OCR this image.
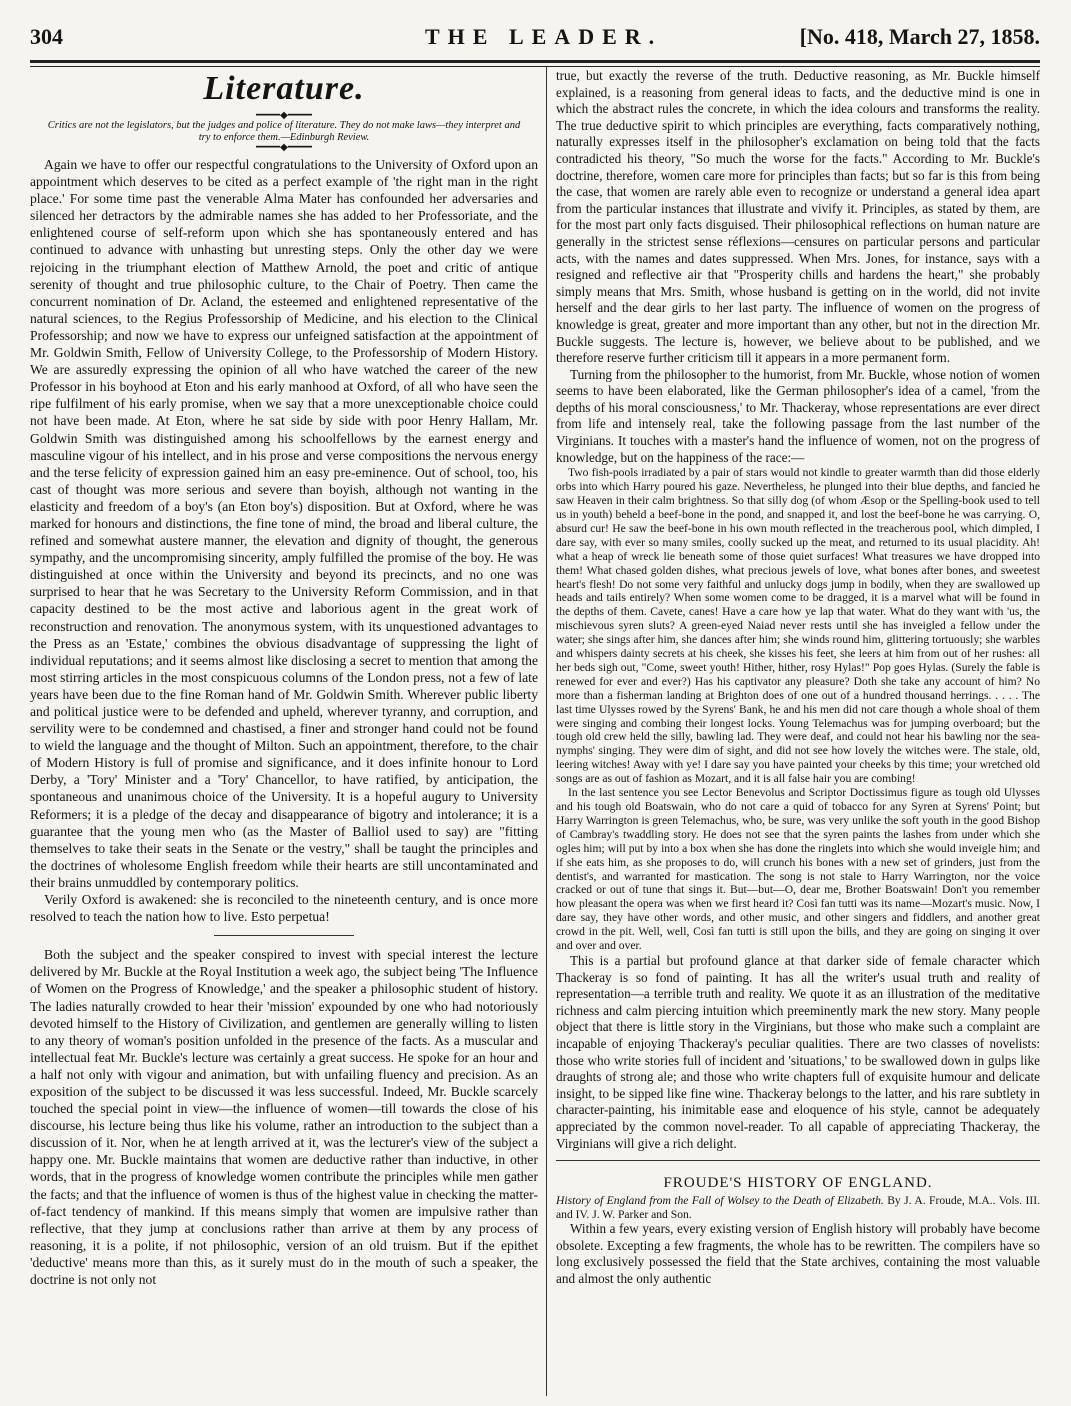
304	THE LEADER.	[No. 418, March 27, 1858.
Literature.
━━━━◆━━━━

Critics are not the legislators, but the judges and police of literature. They do not make laws—they interpret and try to enforce them.—Edinburgh Review.

━━━━◆━━━━

Again we have to offer our respectful congratulations to the University of Oxford upon an appointment which deserves to be cited as a perfect example of 'the right man in the right place.' For some time past the venerable Alma Mater has confounded her adversaries and silenced her detractors by the admirable names she has added to her Professoriate, and the enlightened course of self-reform upon which she has spontaneously entered and has continued to advance with unhasting but unresting steps. Only the other day we were rejoicing in the triumphant election of Matthew Arnold, the poet and critic of antique serenity of thought and true philosophic culture, to the Chair of Poetry. Then came the concurrent nomination of Dr. Acland, the esteemed and enlightened representative of the natural sciences, to the Regius Professorship of Medicine, and his election to the Clinical Professorship; and now we have to express our unfeigned satisfaction at the appointment of Mr. Goldwin Smith, Fellow of University College, to the Professorship of Modern History. We are assuredly expressing the opinion of all who have watched the career of the new Professor in his boyhood at Eton and his early manhood at Oxford, of all who have seen the ripe fulfilment of his early promise, when we say that a more unexceptionable choice could not have been made. At Eton, where he sat side by side with poor Henry Hallam, Mr. Goldwin Smith was distinguished among his schoolfellows by the earnest energy and masculine vigour of his intellect, and in his prose and verse compositions the nervous energy and the terse felicity of expression gained him an easy pre-eminence. Out of school, too, his cast of thought was more serious and severe than boyish, although not wanting in the elasticity and freedom of a boy's (an Eton boy's) disposition. But at Oxford, where he was marked for honours and distinctions, the fine tone of mind, the broad and liberal culture, the refined and somewhat austere manner, the elevation and dignity of thought, the generous sympathy, and the uncompromising sincerity, amply fulfilled the promise of the boy. He was distinguished at once within the University and beyond its precincts, and no one was surprised to hear that he was Secretary to the University Reform Commission, and in that capacity destined to be the most active and laborious agent in the great work of reconstruction and renovation. The anonymous system, with its unquestioned advantages to the Press as an 'Estate,' combines the obvious disadvantage of suppressing the light of individual reputations; and it seems almost like disclosing a secret to mention that among the most stirring articles in the most conspicuous columns of the London press, not a few of late years have been due to the fine Roman hand of Mr. Goldwin Smith. Wherever public liberty and political justice were to be defended and upheld, wherever tyranny, and corruption, and servility were to be condemned and chastised, a finer and stronger hand could not be found to wield the language and the thought of Milton. Such an appointment, therefore, to the chair of Modern History is full of promise and significance, and it does infinite honour to Lord Derby, a 'Tory' Minister and a 'Tory' Chancellor, to have ratified, by anticipation, the spontaneous and unanimous choice of the University. It is a hopeful augury to University Reformers; it is a pledge of the decay and disappearance of bigotry and intolerance; it is a guarantee that the young men who (as the Master of Balliol used to say) are "fitting themselves to take their seats in the Senate or the vestry," shall be taught the principles and the doctrines of wholesome English freedom while their hearts are still uncontaminated and their brains unmuddled by contemporary politics.

Verily Oxford is awakened: she is reconciled to the nineteenth century, and is once more resolved to teach the nation how to live. Esto perpetua!

Both the subject and the speaker conspired to invest with special interest the lecture delivered by Mr. Buckle at the Royal Institution a week ago, the subject being 'The Influence of Women on the Progress of Knowledge,' and the speaker a philosophic student of history. The ladies naturally crowded to hear their 'mission' expounded by one who had notoriously devoted himself to the History of Civilization, and gentlemen are generally willing to listen to any theory of woman's position unfolded in the presence of the facts. As a muscular and intellectual feat Mr. Buckle's lecture was certainly a great success. He spoke for an hour and a half not only with vigour and animation, but with unfailing fluency and precision. As an exposition of the subject to be discussed it was less successful. Indeed, Mr. Buckle scarcely touched the special point in view—the influence of women—till towards the close of his discourse, his lecture being thus like his volume, rather an introduction to the subject than a discussion of it. Nor, when he at length arrived at it, was the lecturer's view of the subject a happy one. Mr. Buckle maintains that women are deductive rather than inductive, in other words, that in the progress of knowledge women contribute the principles while men gather the facts; and that the influence of women is thus of the highest value in checking the matter-of-fact tendency of mankind. If this means simply that women are impulsive rather than reflective, that they jump at conclusions rather than arrive at them by any process of reasoning, it is a polite, if not philosophic, version of an old truism. But if the epithet 'deductive' means more than this, as it surely must do in the mouth of such a speaker, the doctrine is not only not

true, but exactly the reverse of the truth. Deductive reasoning, as Mr. Buckle himself explained, is a reasoning from general ideas to facts, and the deductive mind is one in which the abstract rules the concrete, in which the idea colours and transforms the reality. The true deductive spirit to which principles are everything, facts comparatively nothing, naturally expresses itself in the philosopher's exclamation on being told that the facts contradicted his theory, "So much the worse for the facts." According to Mr. Buckle's doctrine, therefore, women care more for principles than facts; but so far is this from being the case, that women are rarely able even to recognize or understand a general idea apart from the particular instances that illustrate and vivify it. Principles, as stated by them, are for the most part only facts disguised. Their philosophical reflections on human nature are generally in the strictest sense réflexions—censures on particular persons and particular acts, with the names and dates suppressed. When Mrs. Jones, for instance, says with a resigned and reflective air that "Prosperity chills and hardens the heart," she probably simply means that Mrs. Smith, whose husband is getting on in the world, did not invite herself and the dear girls to her last party. The influence of women on the progress of knowledge is great, greater and more important than any other, but not in the direction Mr. Buckle suggests. The lecture is, however, we believe about to be published, and we therefore reserve further criticism till it appears in a more permanent form.

Turning from the philosopher to the humorist, from Mr. Buckle, whose notion of women seems to have been elaborated, like the German philosopher's idea of a camel, 'from the depths of his moral consciousness,' to Mr. Thackeray, whose representations are ever direct from life and intensely real, take the following passage from the last number of the Virginians. It touches with a master's hand the influence of women, not on the progress of knowledge, but on the happiness of the race:—

Two fish-pools irradiated by a pair of stars would not kindle to greater warmth than did those elderly orbs into which Harry poured his gaze. Nevertheless, he plunged into their blue depths, and fancied he saw Heaven in their calm brightness. So that silly dog (of whom Æsop or the Spelling-book used to tell us in youth) beheld a beef-bone in the pond, and snapped it, and lost the beef-bone he was carrying. O, absurd cur! He saw the beef-bone in his own mouth reflected in the treacherous pool, which dimpled, I dare say, with ever so many smiles, coolly sucked up the meat, and returned to its usual placidity. Ah! what a heap of wreck lie beneath some of those quiet surfaces! What treasures we have dropped into them! What chased golden dishes, what precious jewels of love, what bones after bones, and sweetest heart's flesh! Do not some very faithful and unlucky dogs jump in bodily, when they are swallowed up heads and tails entirely? When some women come to be dragged, it is a marvel what will be found in the depths of them. Cavete, canes! Have a care how ye lap that water. What do they want with 'us, the mischievous syren sluts? A green-eyed Naiad never rests until she has inveigled a fellow under the water; she sings after him, she dances after him; she winds round him, glittering tortuously; she warbles and whispers dainty secrets at his cheek, she kisses his feet, she leers at him from out of her rushes: all her beds sigh out, "Come, sweet youth! Hither, hither, rosy Hylas!" Pop goes Hylas. (Surely the fable is renewed for ever and ever?) Has his captivator any pleasure? Doth she take any account of him? No more than a fisherman landing at Brighton does of one out of a hundred thousand herrings. . . . . The last time Ulysses rowed by the Syrens' Bank, he and his men did not care though a whole shoal of them were singing and combing their longest locks. Young Telemachus was for jumping overboard; but the tough old crew held the silly, bawling lad. They were deaf, and could not hear his bawling nor the sea-nymphs' singing. They were dim of sight, and did not see how lovely the witches were. The stale, old, leering witches! Away with ye! I dare say you have painted your cheeks by this time; your wretched old songs are as out of fashion as Mozart, and it is all false hair you are combing!

In the last sentence you see Lector Benevolus and Scriptor Doctissimus figure as tough old Ulysses and his tough old Boatswain, who do not care a quid of tobacco for any Syren at Syrens' Point; but Harry Warrington is green Telemachus, who, be sure, was very unlike the soft youth in the good Bishop of Cambray's twaddling story. He does not see that the syren paints the lashes from under which she ogles him; will put by into a box when she has done the ringlets into which she would inveigle him; and if she eats him, as she proposes to do, will crunch his bones with a new set of grinders, just from the dentist's, and warranted for mastication. The song is not stale to Harry Warrington, nor the voice cracked or out of tune that sings it. But—but—O, dear me, Brother Boatswain! Don't you remember how pleasant the opera was when we first heard it? Così fan tutti was its name—Mozart's music. Now, I dare say, they have other words, and other music, and other singers and fiddlers, and another great crowd in the pit. Well, well, Così fan tutti is still upon the bills, and they are going on singing it over and over and over.

This is a partial but profound glance at that darker side of female character which Thackeray is so fond of painting. It has all the writer's usual truth and reality of representation—a terrible truth and reality. We quote it as an illustration of the meditative richness and calm piercing intuition which preeminently mark the new story. Many people object that there is little story in the Virginians, but those who make such a complaint are incapable of enjoying Thackeray's peculiar qualities. There are two classes of novelists: those who write stories full of incident and 'situations,' to be swallowed down in gulps like draughts of strong ale; and those who write chapters full of exquisite humour and delicate insight, to be sipped like fine wine. Thackeray belongs to the latter, and his rare subtlety in character-painting, his inimitable ease and eloquence of his style, cannot be adequately appreciated by the common novel-reader. To all capable of appreciating Thackeray, the Virginians will give a rich delight.

FROUDE'S HISTORY OF ENGLAND.

History of England from the Fall of Wolsey to the Death of Elizabeth. By J. A. Froude, M.A.. Vols. III. and IV. J. W. Parker and Son.

Within a few years, every existing version of English history will probably have become obsolete. Excepting a few fragments, the whole has to be rewritten. The compilers have so long exclusively possessed the field that the State archives, containing the most valuable and almost the only authentic
